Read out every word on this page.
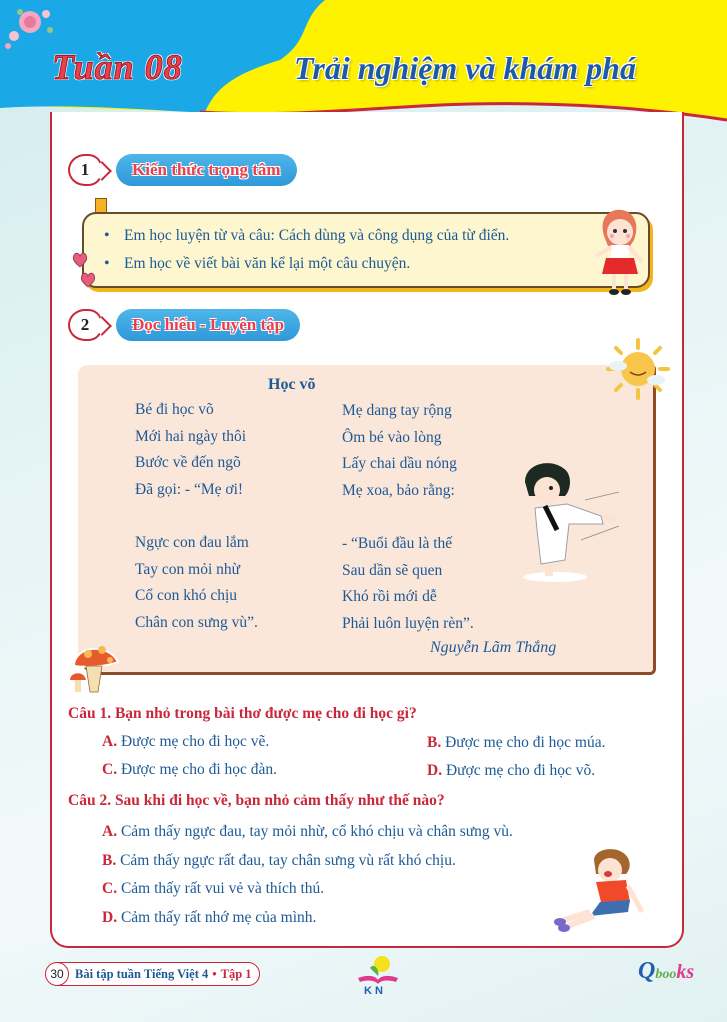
Tuần 08	Trải nghiệm và khám phá
1	Kiến thức trọng tâm
• Em học luyện từ và câu: Cách dùng và công dụng của từ điển.
• Em học về viết bài văn kể lại một câu chuyện.
2	Đọc hiểu - Luyện tập
Học võ
Bé đi học võ
Mới hai ngày thôi
Bước về đến ngõ
Đã gọi: - “Mẹ ơi!
Ngực con đau lắm
Tay con mỏi nhừ
Cổ con khó chịu
Chân con sưng vù”.
Mẹ dang tay rộng
Ôm bé vào lòng
Lấy chai dầu nóng
Mẹ xoa, bảo rằng:
- “Buổi đầu là thế
Sau dần sẽ quen
Khó rồi mới dễ
Phải luôn luyện rèn”.
Nguyễn Lãm Thắng
Câu 1. Bạn nhỏ trong bài thơ được mẹ cho đi học gì?
A. Được mẹ cho đi học vẽ.	B. Được mẹ cho đi học múa.
C. Được mẹ cho đi học đàn.	D. Được mẹ cho đi học võ.
Câu 2. Sau khi đi học về, bạn nhỏ cảm thấy như thế nào?
A. Cảm thấy ngực đau, tay mỏi nhừ, cổ khó chịu và chân sưng vù.
B. Cảm thấy ngực rất đau, tay chân sưng vù rất khó chịu.
C. Cảm thấy rất vui vẻ và thích thú.
D. Cảm thấy rất nhớ mẹ của mình.
30 Bài tập tuần Tiếng Việt 4 • Tập 1
K N
Qbooks
